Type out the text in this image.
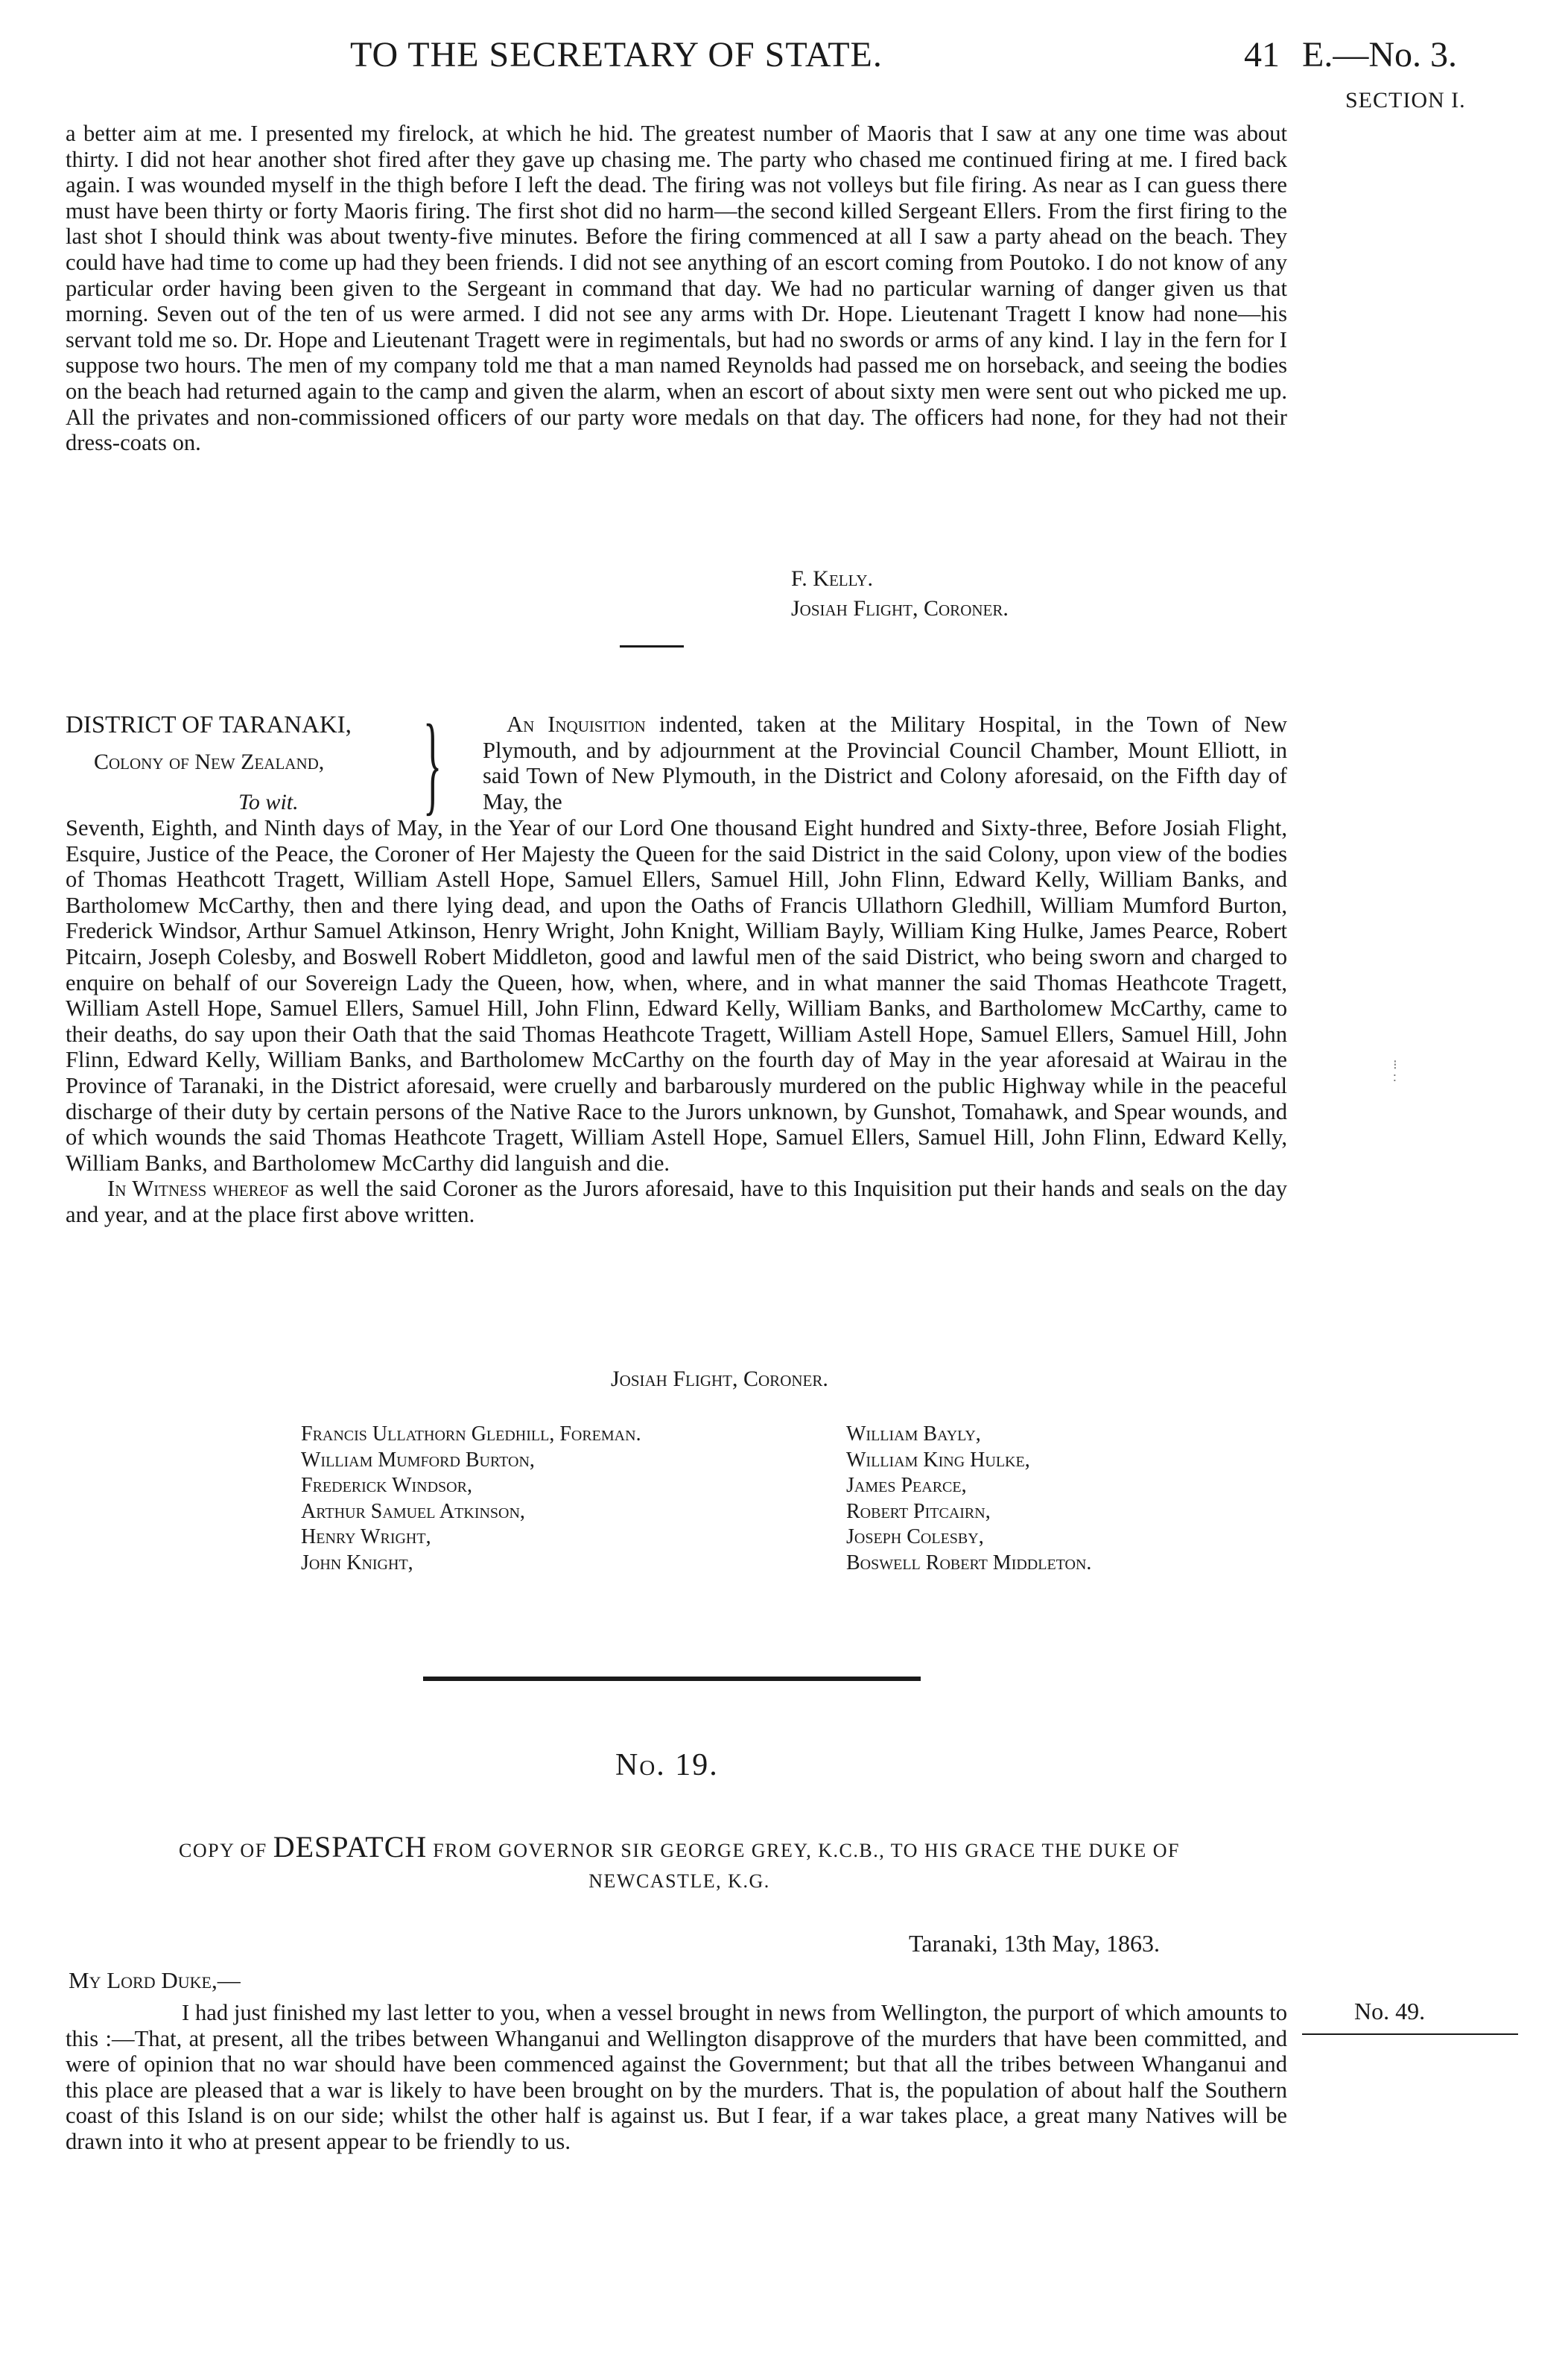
TO THE SECRETARY OF STATE.	41 E.—No. 3.
SECTION I.

a better aim at me. I presented my firelock, at which he hid. The greatest number of Maoris that I saw at any one time was about thirty. I did not hear another shot fired after they gave up chasing me. The party who chased me continued firing at me. I fired back again. I was wounded myself in the thigh before I left the dead. The firing was not volleys but file firing. As near as I can guess there must have been thirty or forty Maoris firing. The first shot did no harm—the second killed Sergeant Ellers. From the first firing to the last shot I should think was about twenty-five minutes. Before the firing commenced at all I saw a party ahead on the beach. They could have had time to come up had they been friends. I did not see anything of an escort coming from Poutoko. I do not know of any particular order having been given to the Sergeant in command that day. We had no particular warning of danger given us that morning. Seven out of the ten of us were armed. I did not see any arms with Dr. Hope. Lieutenant Tragett I know had none—his servant told me so. Dr. Hope and Lieutenant Tragett were in regimentals, but had no swords or arms of any kind. I lay in the fern for I suppose two hours. The men of my company told me that a man named Reynolds had passed me on horseback, and seeing the bodies on the beach had returned again to the camp and given the alarm, when an escort of about sixty men were sent out who picked me up. All the privates and non-commissioned officers of our party wore medals on that day. The officers had none, for they had not their dress-coats on.

F. Kelly.
Josiah Flight, Coroner.
DISTRICT OF TARANAKI,
Colony of New Zealand,
To wit. }	An Inquisition indented, taken at the Military Hospital, in the Town of New Plymouth, and by adjournment at the Provincial Council Chamber, Mount Elliott, in said Town of New Plymouth, in the District and Colony aforesaid, on the Fifth day of May, the

Seventh, Eighth, and Ninth days of May, in the Year of our Lord One thousand Eight hundred and Sixty-three, Before Josiah Flight, Esquire, Justice of the Peace, the Coroner of Her Majesty the Queen for the said District in the said Colony, upon view of the bodies of Thomas Heathcott Tragett, William Astell Hope, Samuel Ellers, Samuel Hill, John Flinn, Edward Kelly, William Banks, and Bartholomew McCarthy, then and there lying dead, and upon the Oaths of Francis Ullathorn Gledhill, William Mumford Burton, Frederick Windsor, Arthur Samuel Atkinson, Henry Wright, John Knight, William Bayly, William King Hulke, James Pearce, Robert Pitcairn, Joseph Colesby, and Boswell Robert Middleton, good and lawful men of the said District, who being sworn and charged to enquire on behalf of our Sovereign Lady the Queen, how, when, where, and in what manner the said Thomas Heathcote Tragett, William Astell Hope, Samuel Ellers, Samuel Hill, John Flinn, Edward Kelly, William Banks, and Bartholomew McCarthy, came to their deaths, do say upon their Oath that the said Thomas Heathcote Tragett, William Astell Hope, Samuel Ellers, Samuel Hill, John Flinn, Edward Kelly, William Banks, and Bartholomew McCarthy on the fourth day of May in the year aforesaid at Wairau in the Province of Taranaki, in the District aforesaid, were cruelly and barbarously murdered on the public Highway while in the peaceful discharge of their duty by certain persons of the Native Race to the Jurors unknown, by Gunshot, Tomahawk, and Spear wounds, and of which wounds the said Thomas Heathcote Tragett, William Astell Hope, Samuel Ellers, Samuel Hill, John Flinn, Edward Kelly, William Banks, and Bartholomew McCarthy did languish and die.

In Witness whereof as well the said Coroner as the Jurors aforesaid, have to this Inquisition put their hands and seals on the day and year, and at the place first above written.

Josiah Flight, Coroner.
Francis Ullathorn Gledhill, Foreman.
William Mumford Burton,
Frederick Windsor,
Arthur Samuel Atkinson,
Henry Wright,
John Knight,
William Bayly,
William King Hulke,
James Pearce,
Robert Pitcairn,
Joseph Colesby,
Boswell Robert Middleton.
No. 19.
COPY OF DESPATCH FROM GOVERNOR SIR GEORGE GREY, K.C.B., TO HIS GRACE THE DUKE OF
NEWCASTLE, K.G.
Taranaki, 13th May, 1863.
My Lord Duke,—
No. 49.

I had just finished my last letter to you, when a vessel brought in news from Wellington, the purport of which amounts to this :—That, at present, all the tribes between Whanganui and Wellington disapprove of the murders that have been committed, and were of opinion that no war should have been commenced against the Government; but that all the tribes between Whanganui and this place are pleased that a war is likely to have been brought on by the murders. That is, the population of about half the Southern coast of this Island is on our side; whilst the other half is against us. But I fear, if a war takes place, a great many Natives will be drawn into it who at present appear to be friendly to us.

⁝
∶
